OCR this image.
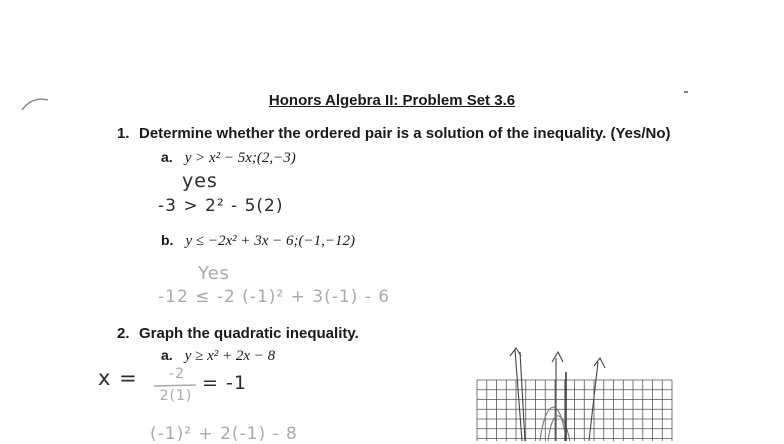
Honors Algebra II: Problem Set 3.6
1. Determine whether the ordered pair is a solution of the inequality. (Yes/No)
a. y > x² − 5x;(2,−3)
yes
-3 > 2² - 5(2)
b. y ≤ −2x² + 3x − 6;(−1,−12)
Yes
-12 ≤ -2 (-1)² + 3(-1) - 6
2. Graph the quadratic inequality.
a. y ≥ x² + 2x − 8
x =	-2
2(1)
= -1
(-1)² + 2(-1) - 8
